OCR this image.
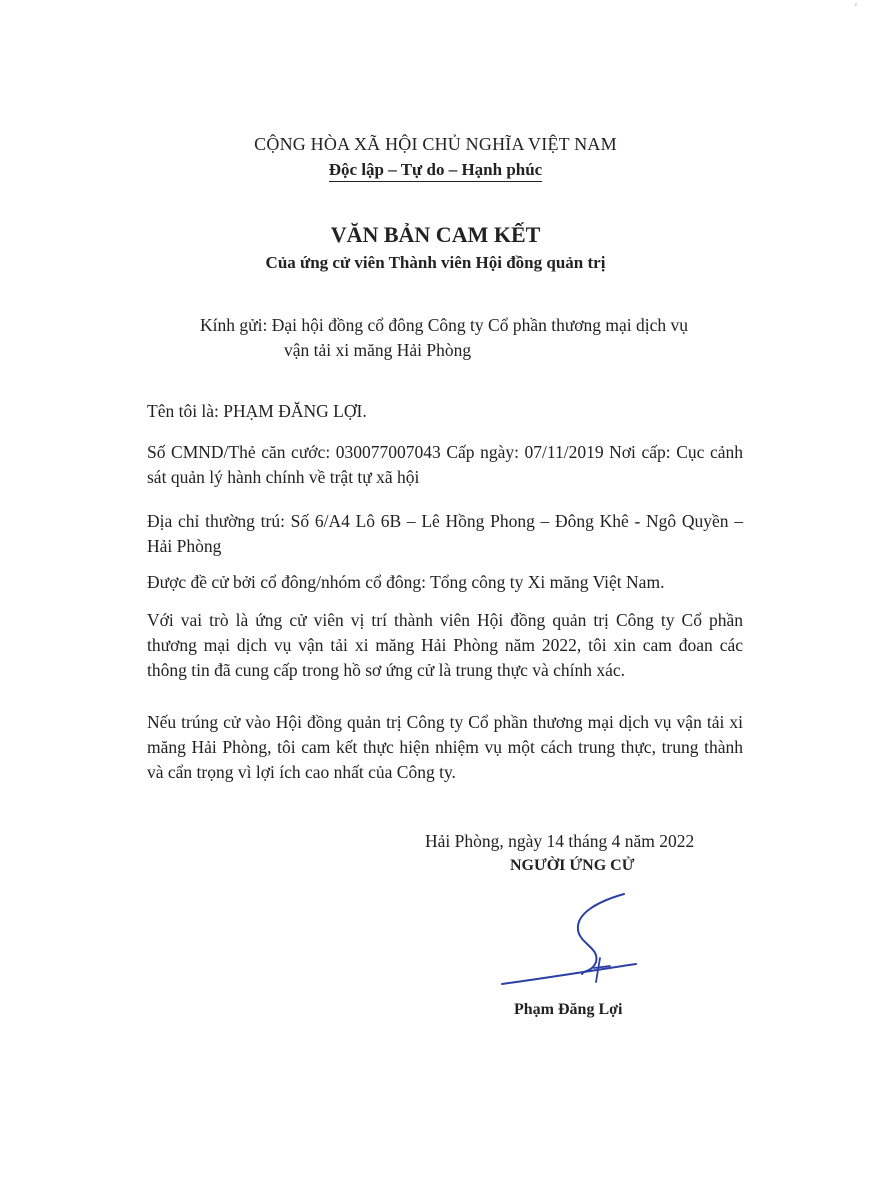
'
CỘNG HÒA XÃ HỘI CHỦ NGHĨA VIỆT NAM
Độc lập – Tự do – Hạnh phúc
VĂN BẢN CAM KẾT
Của ứng cử viên Thành viên Hội đồng quản trị
Kính gửi: Đại hội đồng cổ đông Công ty Cổ phần thương mại dịch vụ
vận tải xi măng Hải Phòng
Tên tôi là: PHẠM ĐĂNG LỢI.
Số CMND/Thẻ căn cước: 030077007043 Cấp ngày: 07/11/2019 Nơi cấp: Cục cảnh sát quản lý hành chính về trật tự xã hội
Địa chỉ thường trú: Số 6/A4 Lô 6B – Lê Hồng Phong – Đông Khê - Ngô Quyền – Hải Phòng
Được đề cử bởi cổ đông/nhóm cổ đông: Tổng công ty Xi măng Việt Nam.
Với vai trò là ứng cử viên vị trí thành viên Hội đồng quản trị Công ty Cổ phần thương mại dịch vụ vận tải xi măng Hải Phòng năm 2022, tôi xin cam đoan các thông tin đã cung cấp trong hồ sơ ứng cử là trung thực và chính xác.
Nếu trúng cử vào Hội đồng quản trị Công ty Cổ phần thương mại dịch vụ vận tải xi măng Hải Phòng, tôi cam kết thực hiện nhiệm vụ một cách trung thực, trung thành và cẩn trọng vì lợi ích cao nhất của Công ty.
Hải Phòng, ngày 14 tháng 4 năm 2022
NGƯỜI ỨNG CỬ
Phạm Đăng Lợi
